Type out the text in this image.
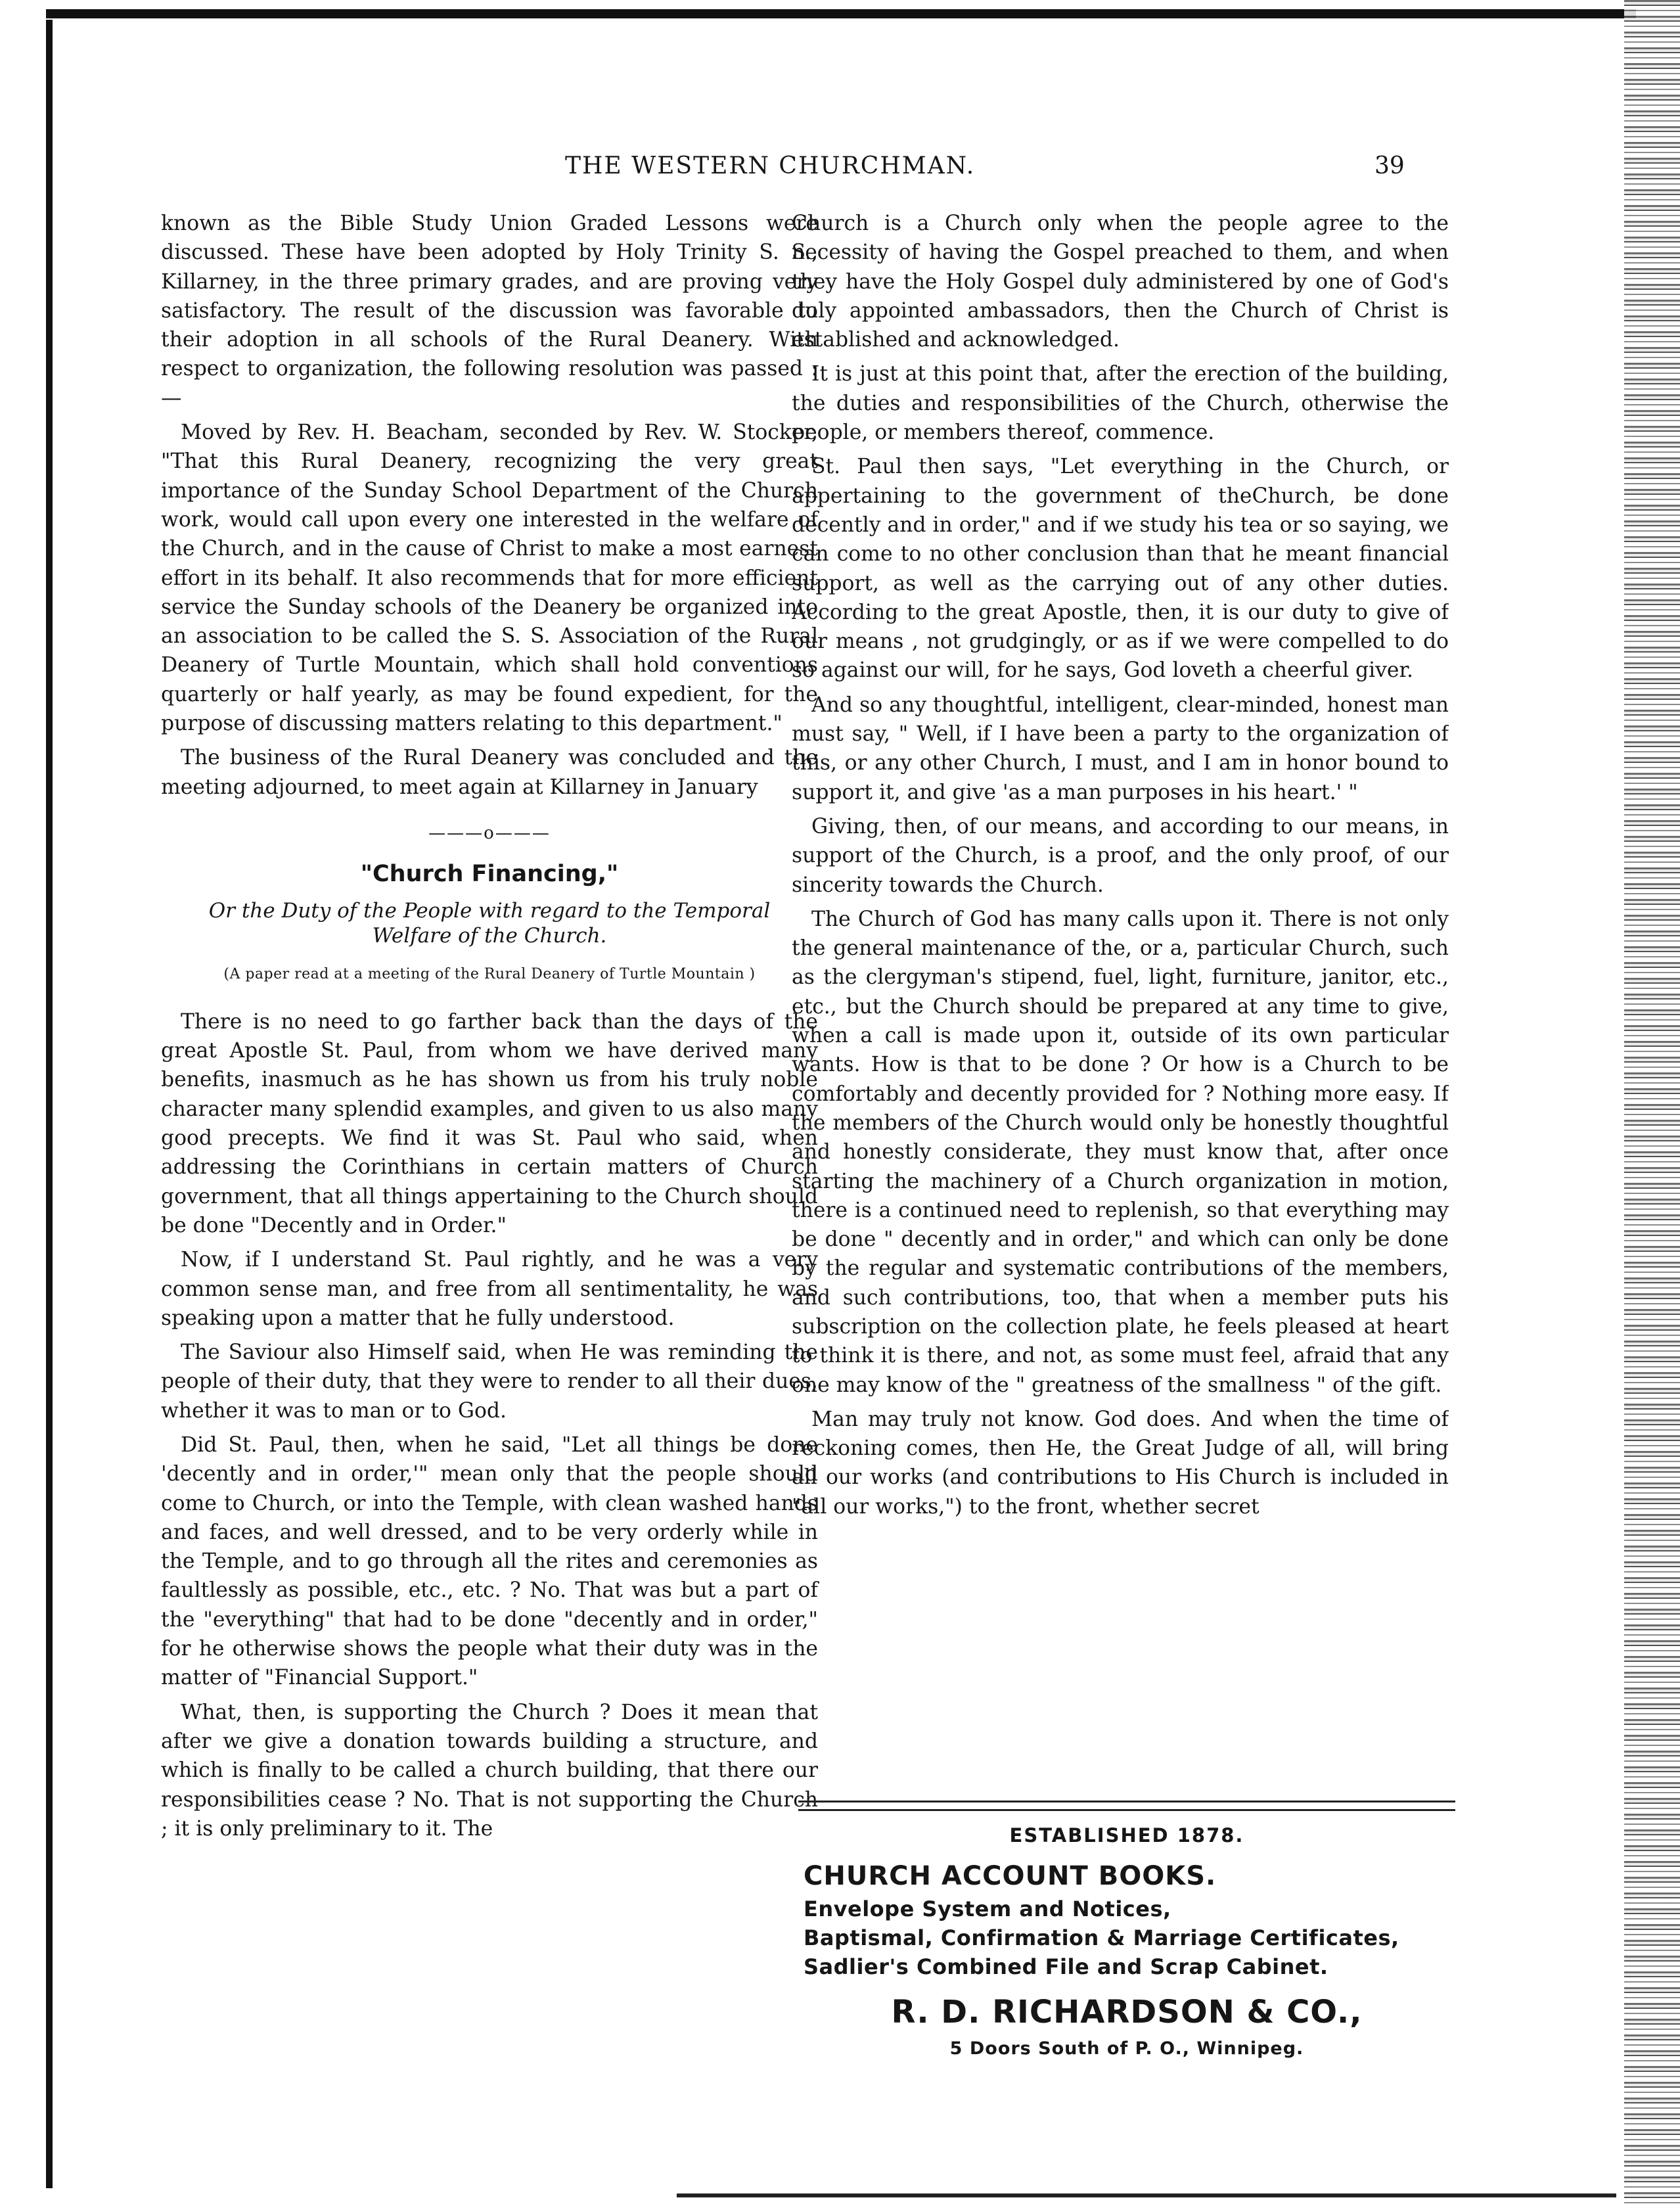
THE WESTERN CHURCHMAN.	39

known as the Bible Study Union Graded Lessons were discussed. These have been adopted by Holy Trinity S. S., Killarney, in the three primary grades, and are proving very satisfactory. The result of the discussion was favorable to their adoption in all schools of the Rural Deanery. With respect to organization, the following resolution was passed :—

Moved by Rev. H. Beacham, seconded by Rev. W. Stocker, "That this Rural Deanery, recognizing the very great importance of the Sunday School Department of the Church work, would call upon every one interested in the welfare of the Church, and in the cause of Christ to make a most earnest effort in its behalf. It also recommends that for more efficient service the Sunday schools of the Deanery be organized into an association to be called the S. S. Association of the Rural Deanery of Turtle Mountain, which shall hold conventions quarterly or half yearly, as may be found expedient, for the purpose of discussing matters relating to this department."

The business of the Rural Deanery was concluded and the meeting adjourned, to meet again at Killarney in January

———o———
"Church Financing,"
Or the Duty of the People with regard to the Temporal Welfare of the Church.
(A paper read at a meeting of the Rural Deanery of Turtle Mountain )

There is no need to go farther back than the days of the great Apostle St. Paul, from whom we have derived many benefits, inasmuch as he has shown us from his truly noble character many splendid examples, and given to us also many good precepts. We find it was St. Paul who said, when addressing the Corinthians in certain matters of Church government, that all things appertaining to the Church should be done "Decently and in Order."

Now, if I understand St. Paul rightly, and he was a very common sense man, and free from all sentimentality, he was speaking upon a matter that he fully understood.

The Saviour also Himself said, when He was reminding the people of their duty, that they were to render to all their dues, whether it was to man or to God.

Did St. Paul, then, when he said, "Let all things be done 'decently and in order,'" mean only that the people should come to Church, or into the Temple, with clean washed hands and faces, and well dressed, and to be very orderly while in the Temple, and to go through all the rites and ceremonies as faultlessly as possible, etc., etc. ? No. That was but a part of the "everything" that had to be done "decently and in order," for he otherwise shows the people what their duty was in the matter of "Financial Support."

What, then, is supporting the Church ? Does it mean that after we give a donation towards building a structure, and which is finally to be called a church building, that there our responsibilities cease ? No. That is not supporting the Church ; it is only preliminary to it. The

Church is a Church only when the people agree to the necessity of having the Gospel preached to them, and when they have the Holy Gospel duly administered by one of God's duly appointed ambassadors, then the Church of Christ is established and acknowledged.

It is just at this point that, after the erection of the building, the duties and responsibilities of the Church, otherwise the people, or members thereof, commence.

St. Paul then says, "Let everything in the Church, or appertaining to the government of theChurch, be done decently and in order," and if we study his tea or so saying, we can come to no other conclusion than that he meant financial support, as well as the carrying out of any other duties. According to the great Apostle, then, it is our duty to give of our means , not grudgingly, or as if we were compelled to do so against our will, for he says, God loveth a cheerful giver.

And so any thoughtful, intelligent, clear-minded, honest man must say, " Well, if I have been a party to the organization of this, or any other Church, I must, and I am in honor bound to support it, and give 'as a man purposes in his heart.' "

Giving, then, of our means, and according to our means, in support of the Church, is a proof, and the only proof, of our sincerity towards the Church.

The Church of God has many calls upon it. There is not only the general maintenance of the, or a, particular Church, such as the clergyman's stipend, fuel, light, furniture, janitor, etc., etc., but the Church should be prepared at any time to give, when a call is made upon it, outside of its own particular wants. How is that to be done ? Or how is a Church to be comfortably and decently provided for ? Nothing more easy. If the members of the Church would only be honestly thoughtful and honestly considerate, they must know that, after once starting the machinery of a Church organization in motion, there is a continued need to replenish, so that everything may be done " decently and in order," and which can only be done by the regular and systematic contributions of the members, and such contributions, too, that when a member puts his subscription on the collection plate, he feels pleased at heart to think it is there, and not, as some must feel, afraid that any one may know of the " greatness of the smallness " of the gift.

Man may truly not know. God does. And when the time of reckoning comes, then He, the Great Judge of all, will bring all our works (and contributions to His Church is included in "all our works,") to the front, whether secret

ESTABLISHED 1878.
CHURCH ACCOUNT BOOKS.
Envelope System and Notices,
Baptismal, Confirmation & Marriage Certificates,
Sadlier's Combined File and Scrap Cabinet.
R. D. RICHARDSON & CO.,
5 Doors South of P. O., Winnipeg.
